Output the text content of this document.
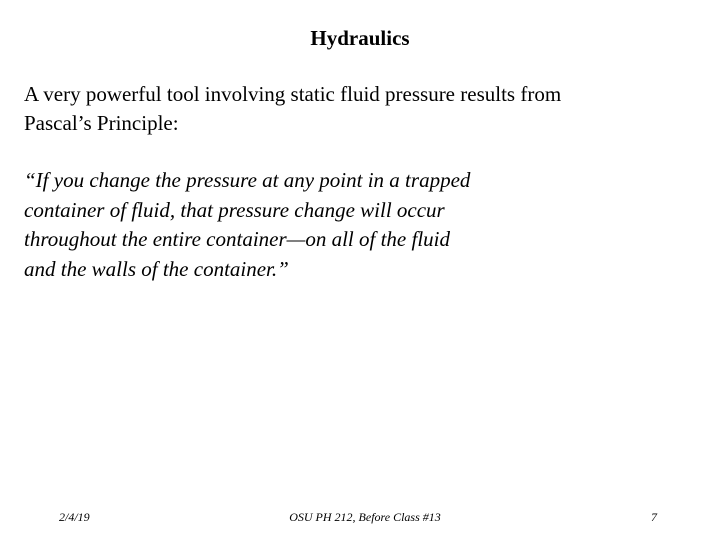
Hydraulics
A very powerful tool involving static fluid pressure results from
Pascal’s Principle:
“If you change the pressure at any point in a trapped
container of fluid, that pressure change will occur
throughout the entire container—on all of the fluid
and the walls of the container.”
2/4/19	OSU PH 212, Before Class #13	7
